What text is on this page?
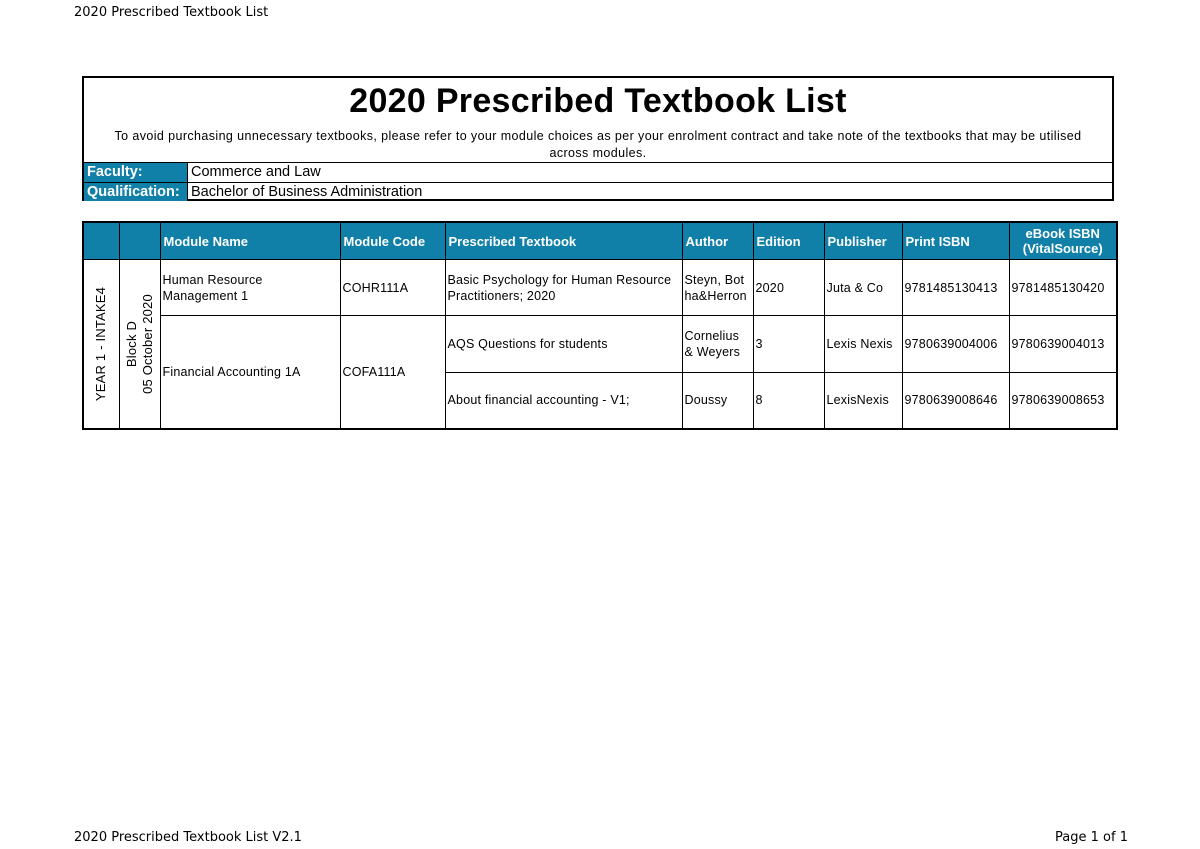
2020 Prescribed Textbook List
2020 Prescribed Textbook List
To avoid purchasing unnecessary textbooks, please refer to your module choices as per your enrolment contract and take note of the textbooks that may be utilised across modules.
Faculty:	Commerce and Law
Qualification: Bachelor of Business Administration
		Module Name	Module Code	Prescribed Textbook	Author	Edition	Publisher	Print ISBN	eBook ISBN (VitalSource)

YEAR 1 - INTAKE4	Block D 05 October 2020	Human Resource Management 1	COHR111A	Basic Psychology for Human Resource Practitioners; 2020	Steyn, Botha&Herron	2020	Juta & Co	9781485130413	9781485130420
		Financial Accounting 1A	COFA111A	AQS Questions for students	Cornelius & Weyers	3	Lexis Nexis	9780639004006	9780639004013
				About financial accounting - V1;	Doussy	8	LexisNexis	9780639008646	9780639008653
2020 Prescribed Textbook List V2.1	Page 1 of 1
